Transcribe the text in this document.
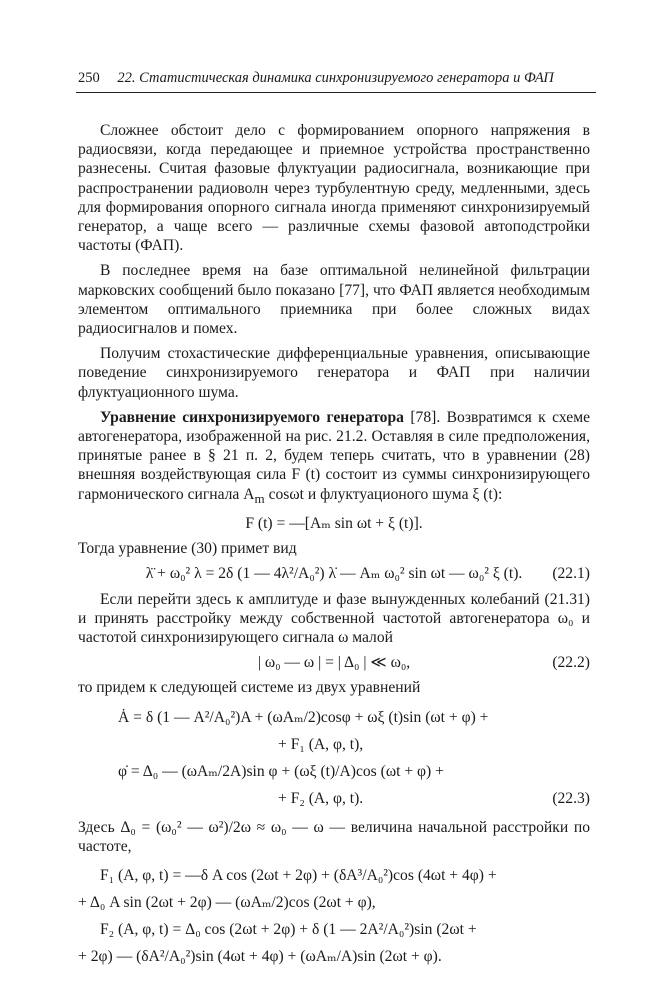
250 22. Статистическая динамика синхронизируемого генератора и ФАП

Сложнее обстоит дело с формированием опорного напряжения в радиосвязи, когда передающее и приемное устройства пространственно разнесены. Считая фазовые флуктуации радиосигнала, возникающие при распространении радиоволн через турбулентную среду, медленными, здесь для формирования опорного сигнала иногда применяют синхронизируемый генератор, а чаще всего — различные схемы фазовой автоподстройки частоты (ФАП).

В последнее время на базе оптимальной нелинейной фильтрации марковских сообщений было показано [77], что ФАП является необходимым элементом оптимального приемника при более сложных видах радиосигналов и помех.

Получим стохастические дифференциальные уравнения, описывающие поведение синхронизируемого генератора и ФАП при наличии флуктуационного шума.

Уравнение синхронизируемого генератора [78]. Возвратимся к схеме автогенератора, изображенной на рис. 21.2. Оставляя в силе предположения, принятые ранее в § 21 п. 2, будем теперь считать, что в уравнении (28) внешняя воздействующая сила F (t) состоит из суммы синхронизирующего гармонического сигнала $A_m$ cosωt и флуктуационого шума ξ (t):

F (t) = —[Aₘ sin ωt + ξ (t)].

Тогда уравнение (30) примет вид

λ̈ + ω₀² λ = 2δ (1 — 4λ²/A₀²) λ̇ — Aₘ ω₀² sin ωt — ω₀² ξ (t). (22.1)

Если перейти здесь к амплитуде и фазе вынужденных колебаний (21.31) и принять расстройку между собственной частотой автогенератора ω₀ и частотой синхронизирующего сигнала ω малой

| ω₀ — ω | = | Δ₀ | ≪ ω₀,	(22.2)

то придем к следующей системе из двух уравнений

Ȧ = δ (1 — A²/A₀²)A + (ωAₘ/2)cosφ + ωξ (t)sin (ωt + φ) +
+ F₁ (A, φ, t),
φ̇ = Δ₀ — (ωAₘ/2A)sin φ + (ωξ (t)/A)cos (ωt + φ) +
+ F₂ (A, φ, t).	(22.3)

Здесь Δ₀ = (ω₀² — ω²)/2ω ≈ ω₀ — ω — величина начальной расстройки по частоте,

F₁ (A, φ, t) = —δ A cos (2ωt + 2φ) + (δA³/A₀²)cos (4ωt + 4φ) +
+ Δ₀ A sin (2ωt + 2φ) — (ωAₘ/2)cos (2ωt + φ),
F₂ (A, φ, t) = Δ₀ cos (2ωt + 2φ) + δ (1 — 2A²/A₀²)sin (2ωt +
+ 2φ) — (δA²/A₀²)sin (4ωt + 4φ) + (ωAₘ/A)sin (2ωt + φ).
